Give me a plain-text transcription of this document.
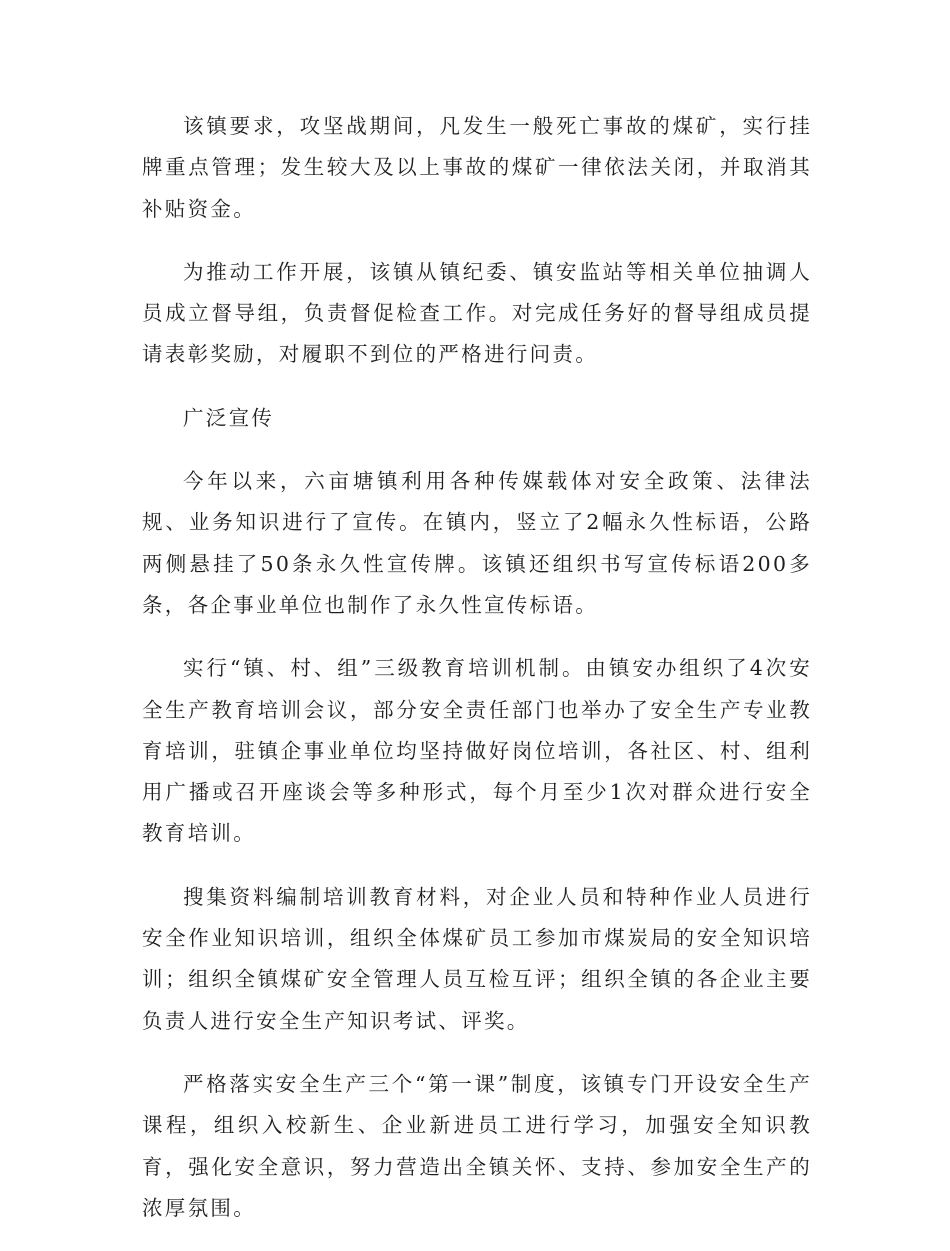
该镇要求，攻坚战期间，凡发生一般死亡事故的煤矿，实行挂牌重点管理；发生较大及以上事故的煤矿一律依法关闭，并取消其补贴资金。

为推动工作开展，该镇从镇纪委、镇安监站等相关单位抽调人员成立督导组，负责督促检查工作。对完成任务好的督导组成员提请表彰奖励，对履职不到位的严格进行问责。

广泛宣传

今年以来，六亩塘镇利用各种传媒载体对安全政策、法律法规、业务知识进行了宣传。在镇内，竖立了2幅永久性标语，公路两侧悬挂了50条永久性宣传牌。该镇还组织书写宣传标语200多条，各企事业单位也制作了永久性宣传标语。

实行“镇、村、组”三级教育培训机制。由镇安办组织了4次安全生产教育培训会议，部分安全责任部门也举办了安全生产专业教育培训，驻镇企事业单位均坚持做好岗位培训，各社区、村、组利用广播或召开座谈会等多种形式，每个月至少1次对群众进行安全教育培训。

搜集资料编制培训教育材料，对企业人员和特种作业人员进行安全作业知识培训，组织全体煤矿员工参加市煤炭局的安全知识培训；组织全镇煤矿安全管理人员互检互评；组织全镇的各企业主要负责人进行安全生产知识考试、评奖。

严格落实安全生产三个“第一课”制度，该镇专门开设安全生产课程，组织入校新生、企业新进员工进行学习，加强安全知识教育，强化安全意识，努力营造出全镇关怀、支持、参加安全生产的浓厚氛围。
